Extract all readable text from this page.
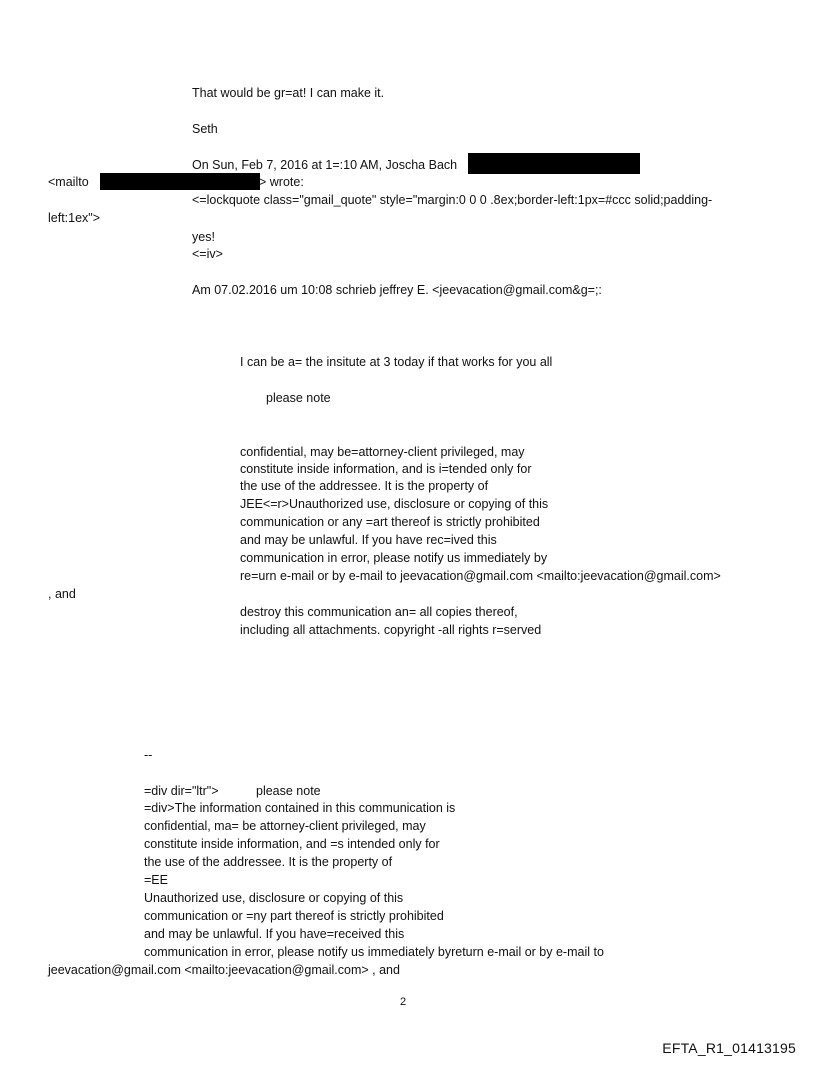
That would be gr=at! I can make it.
Seth
On Sun, Feb 7, 2016 at 1=:10 AM, Joscha Bach
<mailto	> wrote:
<=lockquote class="gmail_quote" style="margin:0 0 0 .8ex;border-left:1px=#ccc solid;padding-
left:1ex">
yes!
<=iv>
Am 07.02.2016 um 10:08 schrieb jeffrey E. <jeevacation@gmail.com&g=;:
I can be a= the insitute at 3 today if that works for you all
please note
confidential, may be=attorney-client privileged, may
constitute inside information, and is i=tended only for
the use of the addressee. It is the property of
JEE<=r>Unauthorized use, disclosure or copying of this
communication or any =art thereof is strictly prohibited
and may be unlawful. If you have rec=ived this
communication in error, please notify us immediately by
re=urn e-mail or by e-mail to jeevacation@gmail.com <mailto:jeevacation@gmail.com>
, and
destroy this communication an= all copies thereof,
including all attachments. copyright -all rights r=served
--
=div dir="ltr">	please note
=div>The information contained in this communication is
confidential, ma= be attorney-client privileged, may
constitute inside information, and =s intended only for
the use of the addressee. It is the property of
=EE
Unauthorized use, disclosure or copying of this
communication or =ny part thereof is strictly prohibited
and may be unlawful. If you have=received this
communication in error, please notify us immediately byreturn e-mail or by e-mail to
jeevacation@gmail.com <mailto:jeevacation@gmail.com> , and
2
EFTA_R1_01413195
